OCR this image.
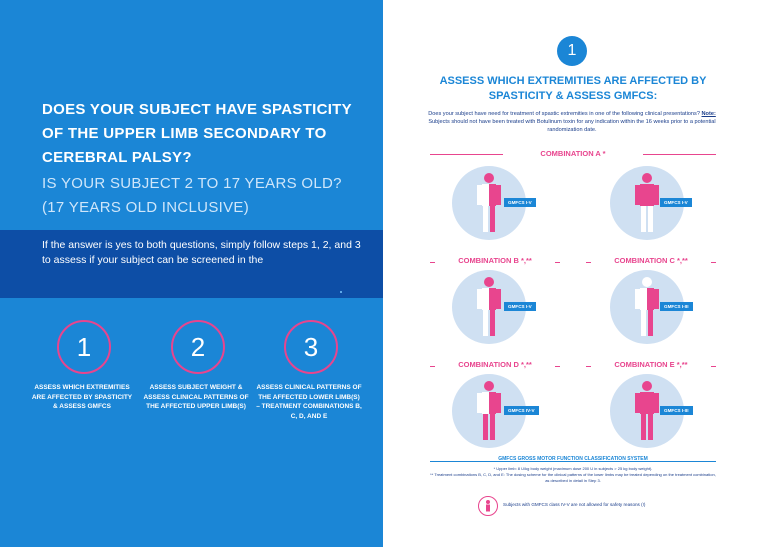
DOES YOUR SUBJECT HAVE SPASTICITY OF THE UPPER LIMB SECONDARY TO CEREBRAL PALSY?
IS YOUR SUBJECT 2 TO 17 YEARS OLD? (17 YEARS OLD INCLUSIVE)
If the answer is yes to both questions, simply follow steps 1, 2, and 3 to assess if your subject can be screened in the
1
ASSESS WHICH EXTREMITIES ARE AFFECTED BY SPASTICITY & ASSESS GMFCS
2
ASSESS SUBJECT WEIGHT & ASSESS CLINICAL PATTERNS OF THE AFFECTED UPPER LIMB(S)
3
ASSESS CLINICAL PATTERNS OF THE AFFECTED LOWER LIMB(S) – TREATMENT COMBINATIONS B, C, D, AND E
1
ASSESS WHICH EXTREMITIES ARE AFFECTED BY SPASTICITY & ASSESS GMFCS:
Does your subject have need for treatment of spastic extremities in one of the following clinical presentations? Note: Subjects should not have been treated with Botulinum toxin for any indication within the 16 weeks prior to a potential randomization date.
COMBINATION A *
GMFCS I-V	GMFCS I-V
COMBINATION B *,**
GMFCS I-V
COMBINATION C *,**
GMFCS I-III
COMBINATION D *,**
GMFCS IV-V
COMBINATION E *,**
GMFCS I-III
GMFCS GROSS MOTOR FUNCTION CLASSIFICATION SYSTEM
* Upper limb: 8 U/kg body weight (maximum dose 200 U in subjects > 25 kg body weight).
** Treatment combinations B, C, D, and E: The dosing scheme for the clinical patterns of the lower limbs may be treated depending on the treatment combination, as described in detail in Step 3.
Subjects with GMFCS class IV-V are not allowed for safety reasons (!)
